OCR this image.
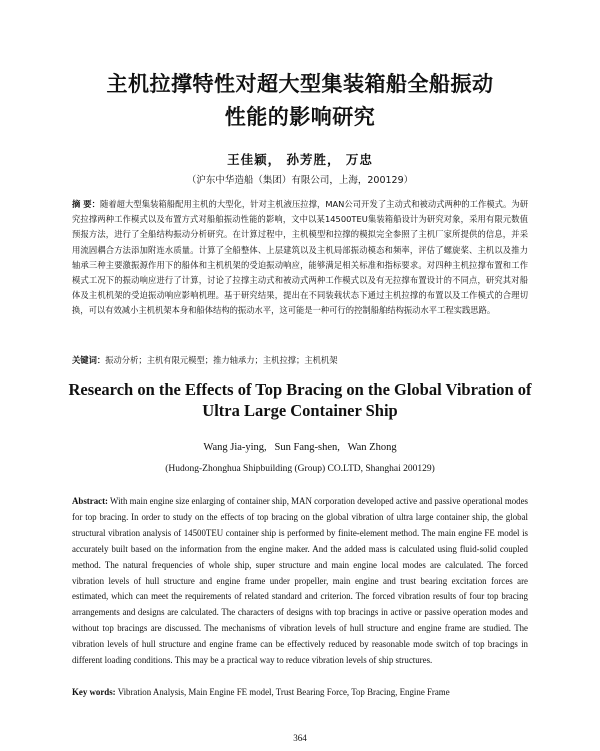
主机拉撑特性对超大型集装箱船全船振动
性能的影响研究
王佳颖， 孙芳胜， 万忠
（沪东中华造船（集团）有限公司，上海，200129）

摘 要：随着超大型集装箱船配用主机的大型化，针对主机液压拉撑，MAN公司开发了主动式和被动式两种的工作模式。为研究拉撑两种工作模式以及布置方式对船舶振动性能的影响，文中以某14500TEU集装箱船设计为研究对象，采用有限元数值预报方法，进行了全船结构振动分析研究。在计算过程中，主机模型和拉撑的模拟完全参照了主机厂家所提供的信息，并采用流固耦合方法添加附连水质量。计算了全船整体、上层建筑以及主机局部振动模态和频率，评估了螺旋桨、主机以及推力轴承三种主要激振源作用下的船体和主机机架的受迫振动响应，能够满足相关标准和指标要求。对四种主机拉撑布置和工作模式工况下的振动响应进行了计算，讨论了拉撑主动式和被动式两种工作模式以及有无拉撑布置设计的不同点，研究其对船体及主机机架的受迫振动响应影响机理。基于研究结果，提出在不同装载状态下通过主机拉撑的布置以及工作模式的合理切换，可以有效减小主机机架本身和船体结构的振动水平，这可能是一种可行的控制船舶结构振动水平工程实践思路。

关键词：振动分析；主机有限元模型；推力轴承力；主机拉撑；主机机架

Research on the Effects of Top Bracing on the Global Vibration of
Ultra Large Container Ship
Wang Jia-ying,   Sun Fang-shen,   Wan Zhong
(Hudong-Zhonghua Shipbuilding (Group) CO.LTD, Shanghai 200129)

Abstract: With main engine size enlarging of container ship, MAN corporation developed active and passive operational modes for top bracing. In order to study on the effects of top bracing on the global vibration of ultra large container ship, the global structural vibration analysis of 14500TEU container ship is performed by finite-element method. The main engine FE model is accurately built based on the information from the engine maker. And the added mass is calculated using fluid-solid coupled method. The natural frequencies of whole ship, super structure and main engine local modes are calculated. The forced vibration levels of hull structure and engine frame under propeller, main engine and trust bearing excitation forces are estimated, which can meet the requirements of related standard and criterion. The forced vibration results of four top bracing arrangements and designs are calculated. The characters of designs with top bracings in active or passive operation modes and without top bracings are discussed. The mechanisms of vibration levels of hull structure and engine frame are studied. The vibration levels of hull structure and engine frame can be effectively reduced by reasonable mode switch of top bracings in different loading conditions. This may be a practical way to reduce vibration levels of ship structures.

Key words: Vibration Analysis, Main Engine FE model, Trust Bearing Force, Top Bracing, Engine Frame

364
